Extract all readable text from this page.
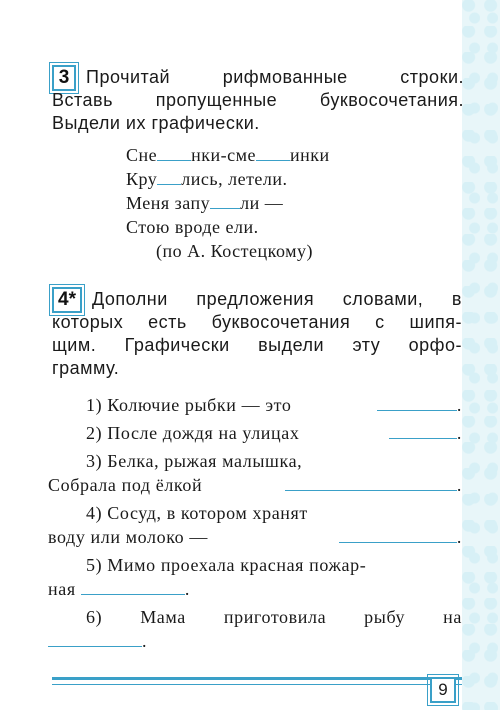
3 Прочитай рифмованные строки.
Вставь пропущенные буквосочетания.
Выдели их графически.
Сне нки-сме инки
Кру лись, летели.
Меня запу ли —
Стою вроде ели.
(по А. Костецкому)
4* Дополни предложения словами, в
которых есть буквосочетания с шипя-
щим. Графически выдели эту орфо-
грамму.
1) Колючие рыбки — это	.
2) После дождя на улицах	.
3) Белка, рыжая малышка,
Собрала под ёлкой	.
4) Сосуд, в котором хранят
воду или молоко —	.
5) Мимо проехала красная пожар-
ная	.
6) Мама приготовила рыбу на
.
9
